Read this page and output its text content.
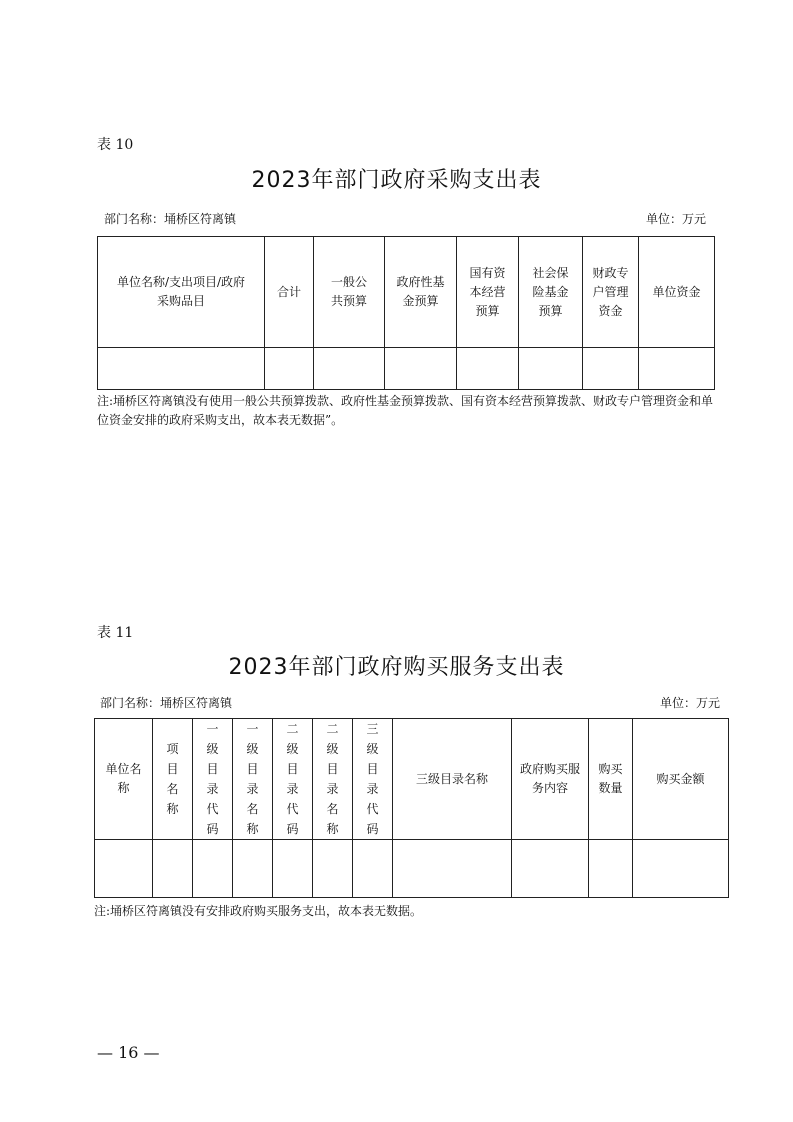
表 10
2023年部门政府采购支出表
部门名称：埇桥区符离镇	单位：万元
单位名称/支出项目/政府采购品目	合计	一般公共预算	政府性基金预算	国有资本经营预算	社会保险基金预算	财政专户管理资金	单位资金

注:埇桥区符离镇没有使用一般公共预算拨款、政府性基金预算拨款、国有资本经营预算拨款、财政专户管理资金和单位资金安排的政府采购支出，故本表无数据”。
表 11
2023年部门政府购买服务支出表
部门名称：埇桥区符离镇	单位：万元
单位名称	项目名称	一级目录代码	一级目录名称	二级目录代码	二级目录名称	三级目录代码	三级目录名称	政府购买服务内容	购买数量	购买金额

注:埇桥区符离镇没有安排政府购买服务支出，故本表无数据。
— 16 —
